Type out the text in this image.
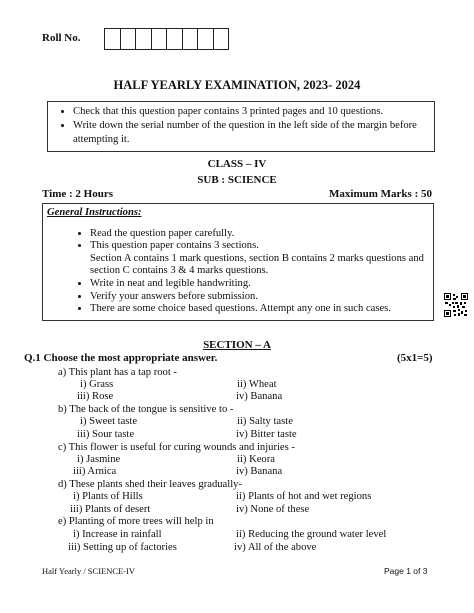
Roll No.
HALF YEARLY EXAMINATION, 2023- 2024
• Check that this question paper contains 3 printed pages and 10 questions.
• Write down the serial number of the question in the left side of the margin before attempting it.
CLASS – IV
SUB : SCIENCE
Time : 2 Hours	Maximum Marks : 50
General Instructions:
• Read the question paper carefully.
• This question paper contains 3 sections.
Section A contains 1 mark questions, section B contains 2 marks questions and section C contains 3 & 4 marks questions.
• Write in neat and legible handwriting.
• Verify your answers before submission.
• There are some choice based questions. Attempt any one in such cases.
SECTION – A
Q.1 Choose the most appropriate answer.	(5x1=5)
a) This plant has a tap root -
i) Grass	ii) Wheat
iii) Rose	iv) Banana
b) The back of the tongue is sensitive to -
i) Sweet taste	ii) Salty taste
iii) Sour taste	iv) Bitter taste
c) This flower is useful for curing wounds and injuries -
i) Jasmine	ii) Keora
iii) Arnica	iv) Banana
d) These plants shed their leaves gradually-
i) Plants of Hills	ii) Plants of hot and wet regions
iii) Plants of desert	iv) None of these
e) Planting of more trees will help in
i) Increase in rainfall	ii) Reducing the ground water level
iii) Setting up of factories	iv) All of the above
Half Yearly / SCIENCE-IV	Page 1 of 3
